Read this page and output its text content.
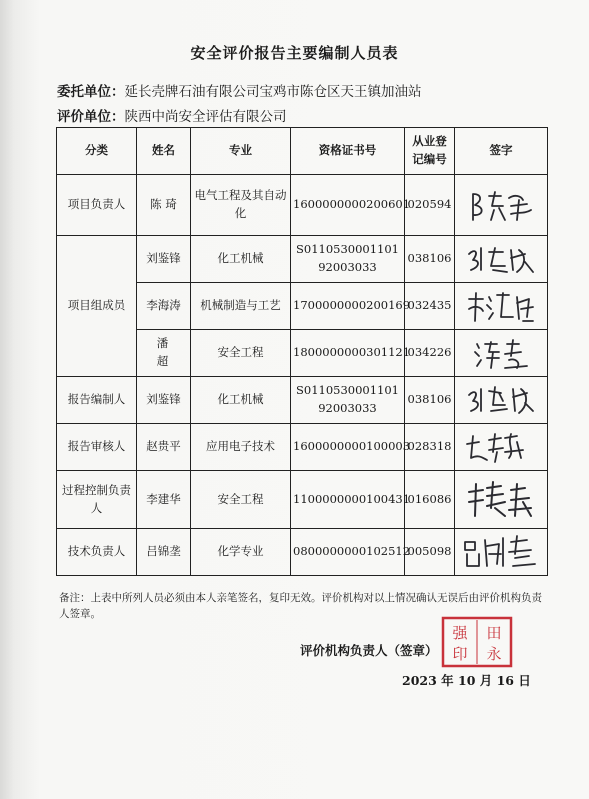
安全评价报告主要编制人员表
委托单位：延长壳牌石油有限公司宝鸡市陈仓区天王镇加油站
评价单位：陕西中尚安全评估有限公司
分类	姓名	专业	资格证书号	从业登记编号	签字
项目负责人	陈 琦	电气工程及其自动化	1600000000200601	020594	

项目组成员	刘鉴锋	化工机械	S011053000110192003033	038106	

	李海涛	机械制造与工艺	1700000000200169	032435	

	潘 超	安全工程	1800000000301121	034226	

报告编制人	刘鉴锋	化工机械	S011053000110192003033	038106	

报告审核人	赵贵平	应用电子技术	1600000000100003	028318	

过程控制负责人	李建华	安全工程	1100000000100431	016086	

技术负责人	吕锦垄	化学专业	0800000000102512	005098	
备注：上表中所列人员必须由本人亲笔签名，复印无效。评价机构对以上情况确认无误后由评价机构负责人签章。
强 田
印 永
评价机构负责人（签章）
2023 年 10 月 16 日
